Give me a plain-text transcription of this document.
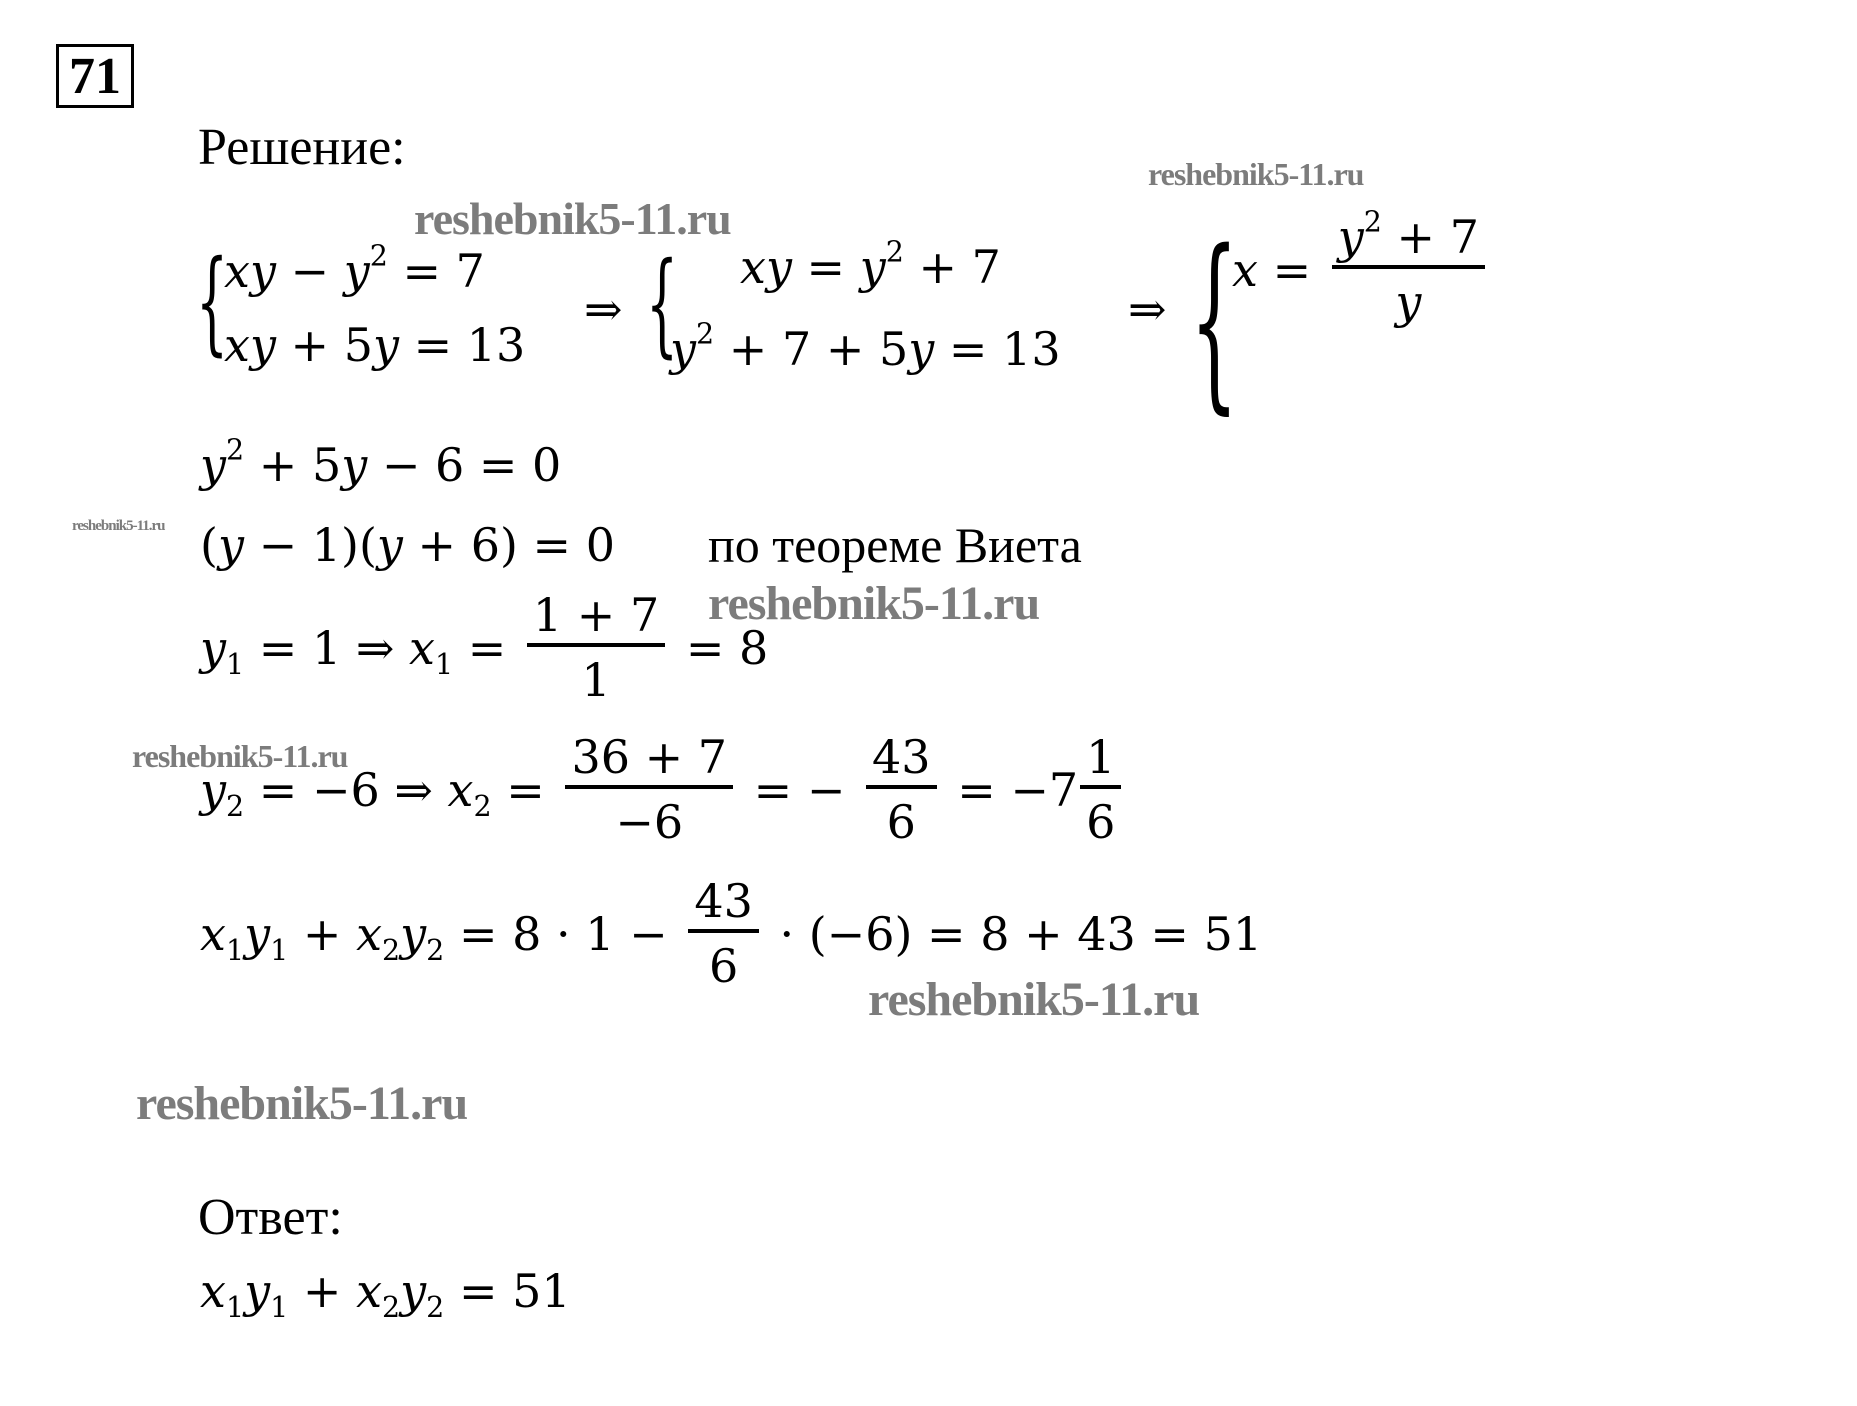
71
Решение:	reshebnik5-11.ru
reshebnik5-11.ru
reshebnik5-11.ru
reshebnik5-11.ru
reshebnik5-11.ru
reshebnik5-11.ru
reshebnik5-11.ru
{
xy − $y^2 = 7$
xy + 5y = 13
⇒ { xy = $y^2 + 7$
$y^2 + 7 + 5y = 13$
⇒ {
$x = \frac{y^2 + 7}{y}$
$y^2 + 5y - 6 = 0$
(y − 1)(y + 6) = 0 по теореме Виета
$y_1 = 1$ ⇒ $x_1 = \frac{1 + 7}{1} = 8$
$y_2 = -6$ ⇒ $x_2 = \frac{36 + 7}{-6}$ = − $\frac{43}{6} = -7 \frac{1}{6}$
$x_1y_1 + x_2y_2 = 8 \cdot 1 - \frac{43}{6} \cdot (-6) = 8 + 43 = 51$
Ответ:
$x_1y_1 + x_2y_2 = 51$
